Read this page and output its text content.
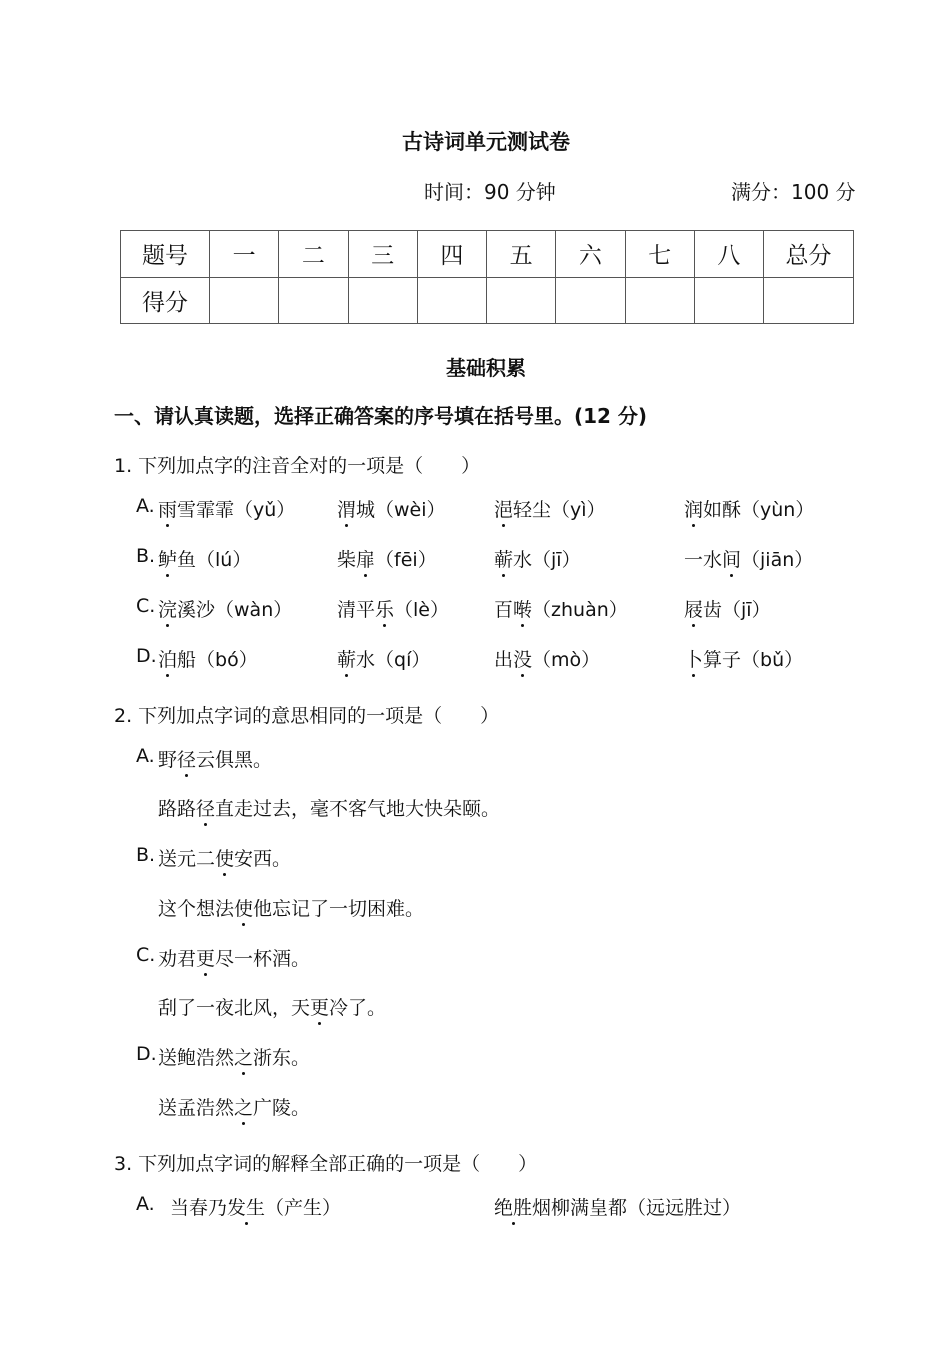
古诗词单元测试卷
时间：90 分钟	满分：100 分
题号	一	二	三	四	五	六	七	八	总分
得分									
基础积累
一、请认真读题，选择正确答案的序号填在括号里。(12 分)
1. 下列加点字的注音全对的一项是（　　）
A. 雨雪霏霏（yǔ） 渭城（wèi）	浥轻尘（yì）	润如酥（yùn）
B. 鲈鱼（lú）	柴扉（fēi）	蕲水（jī）	一水间（jiān）
C. 浣溪沙（wàn） 清平乐（lè） 百啭（zhuàn）	屐齿（jī）
D. 泊船（bó）	蕲水（qí）	出没（mò）	卜算子（bǔ）
2. 下列加点字词的意思相同的一项是（　　）
A. 野径云俱黑。
路路径直走过去，毫不客气地大快朵颐。
B. 送元二使安西。
这个想法使他忘记了一切困难。
C. 劝君更尽一杯酒。
刮了一夜北风，天更冷了。
D. 送鲍浩然之浙东。
送孟浩然之广陵。
3. 下列加点字词的解释全部正确的一项是（　　）
A. 当春乃发生（产生）	绝胜烟柳满皇都（远远胜过）
